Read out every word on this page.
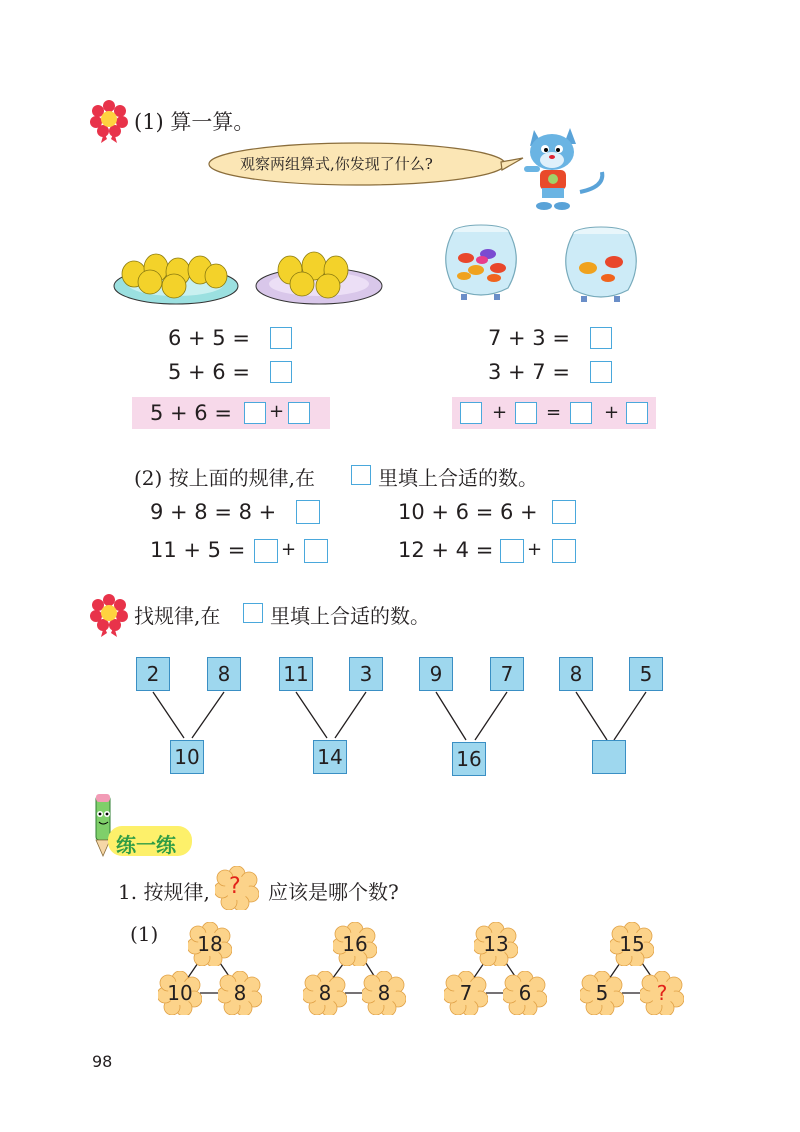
(1) 算一算。
观察两组算式,你发现了什么?
6 + 5 =
5 + 6 =
5 + 6 = +
7 + 3 =
3 + 7 =
+ = +
(2) 按上面的规律,在	里填上合适的数。
9 + 8 = 8 +	10 + 6 = 6 +
11 + 5 = +	12 + 4 = +
找规律,在 里填上合适的数。
2	8
10
11	3
14
9	7
16
8	5
练一练
1. 按规律, ? 应该是哪个数?
(1)	18
10	8
16
8	8
13
7	6
15
5	?
98
